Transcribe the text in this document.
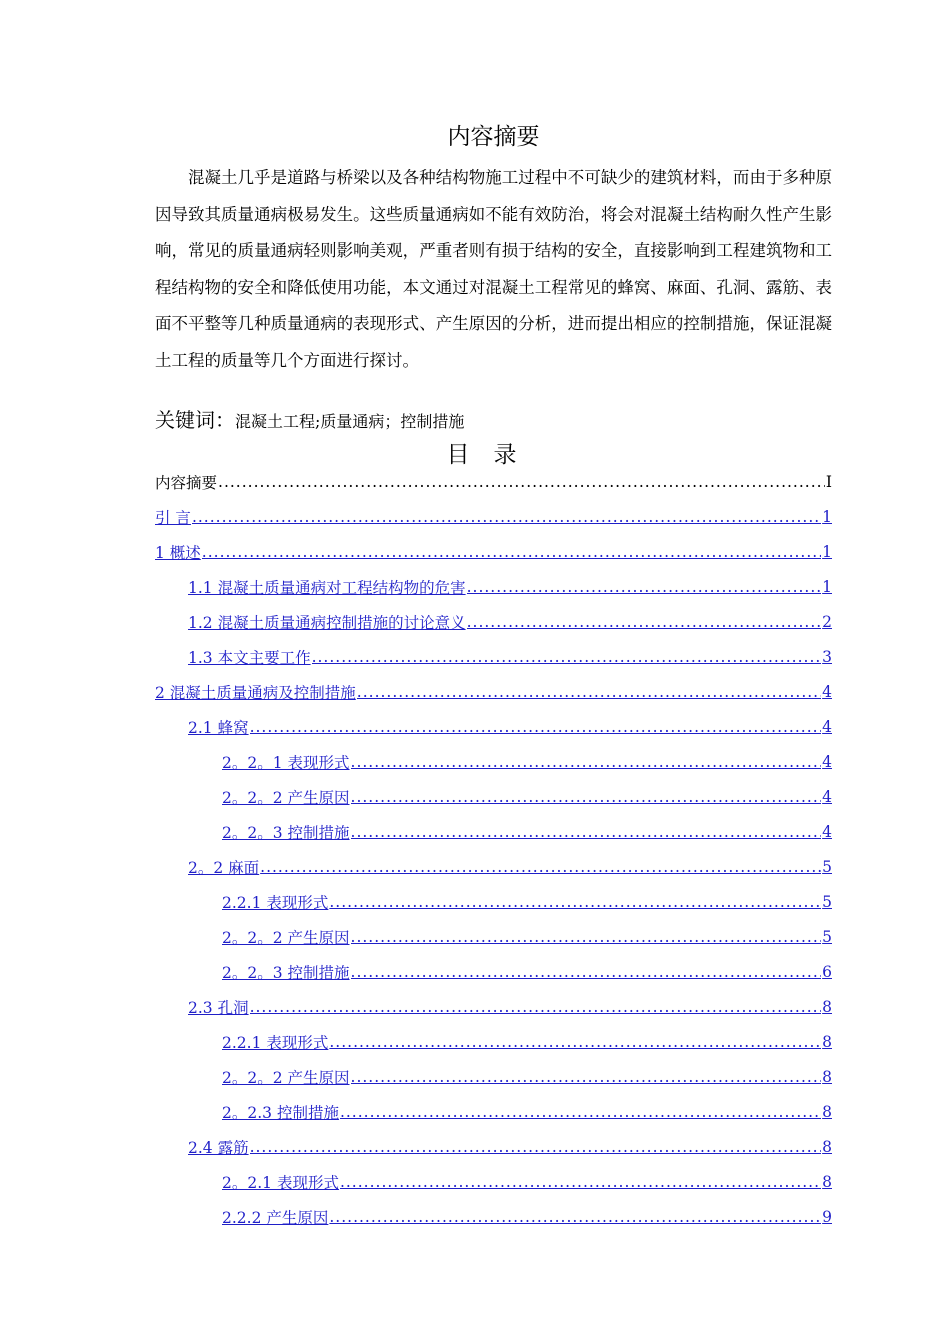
内容摘要

混凝土几乎是道路与桥梁以及各种结构物施工过程中不可缺少的建筑材料，而由于多种原因导致其质量通病极易发生。这些质量通病如不能有效防治，将会对混凝土结构耐久性产生影响，常见的质量通病轻则影响美观，严重者则有损于结构的安全，直接影响到工程建筑物和工程结构物的安全和降低使用功能，本文通过对混凝土工程常见的蜂窝、麻面、孔洞、露筋、表面不平整等几种质量通病的表现形式、产生原因的分析，进而提出相应的控制措施，保证混凝土工程的质量等几个方面进行探讨。

关键词：混凝土工程;质量通病；控制措施
目录
内容摘要 .....	I
引 言 .....	1
1 概述 .....	1
1.1 混凝土质量通病对工程结构物的危害 .....	1
1.2 混凝土质量通病控制措施的讨论意义 .....	2
1.3 本文主要工作 .....	3
2 混凝土质量通病及控制措施 .....	4
2.1 蜂窝 .....	4
2。2。1 表现形式 .....	4
2。2。2 产生原因 .....	4
2。2。3 控制措施 .....	4
2。2 麻面 .....	5
2.2.1 表现形式 .....	5
2。2。2 产生原因 .....	5
2。2。3 控制措施 .....	6
2.3 孔洞 .....	8
2.2.1 表现形式 .....	8
2。2。2 产生原因 .....	8
2。2.3 控制措施 .....	8
2.4 露筋 .....	8
2。2.1 表现形式 .....	8
2.2.2 产生原因 .....	9
